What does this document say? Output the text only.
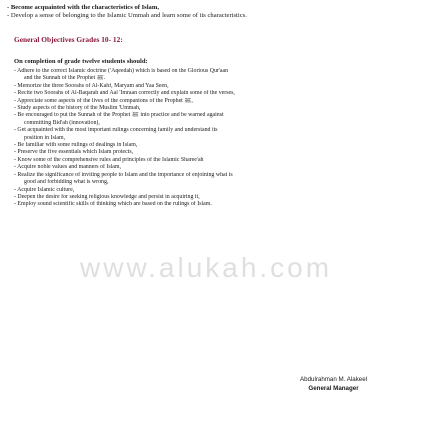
- Become acquainted with the characteristics of Islam,
- Develop a sense of belonging to the Islamic Ummah and learn some of its characteristics.
General Objectives Grades 10- 12:
On completion of grade twelve students should:
- Adhere to the correct Islamic doctrine ('Aqeedah) which is based on the Glorious Qur'aan
and the Sunnah of the Prophet ﷺ.
- Memorize the three Soorahs of Al-Kahf, Maryam and Yaa Seen,
- Recite two Soorahs of Al-Baqarah and Aal 'Imraan correctly and explain some of the verses,
- Appreciate some aspects of the lives of the companions of the Prophet ﷺ,
- Study aspects of the history of the Muslim 'Ummah,
- Be encouraged to put the Sunnah of the Prophet ﷺ into practice and be warned against
committing Bid'ah (innovation),
- Get acquainted with the most important rulings concerning family and understand its
position in Islam,
- Be familiar with some rulings of dealings in Islam,
- Preserve the five essentials which Islam protects,
- Know some of the comprehensive rules and principles of the Islamic Sharee'ah
- Acquire noble values and manners of Islam,
- Realize the significance of inviting people to Islam and the importance of enjoining what is
good and forbidding what is wrong,
- Acquire Islamic culture,
- Deepen the desire for seeking religious knowledge and persist in acquiring it,
- Employ sound scientific skills of thinking which are based on the rulings of Islam.
www.alukah.com
Abdulrahman M. Alakeel
General Manager
